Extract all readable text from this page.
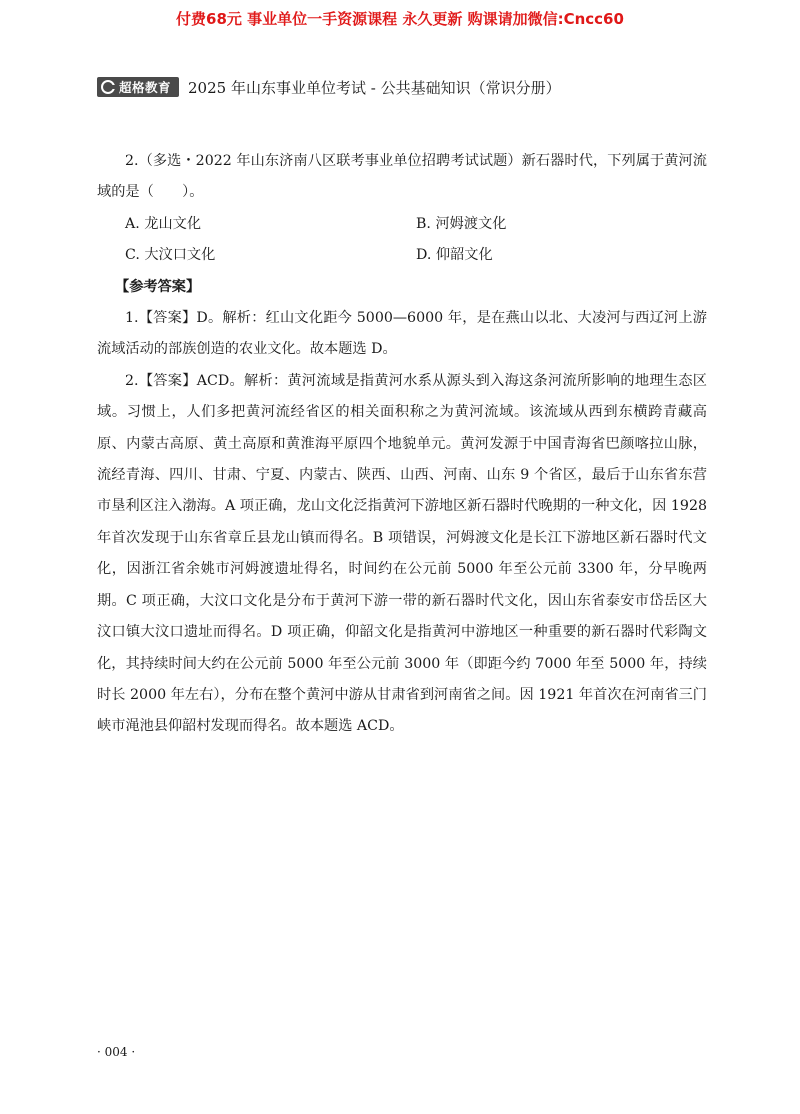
付费68元 事业单位一手资源课程 永久更新 购课请加微信:Cncc60
超格教育 2025 年山东事业单位考试 - 公共基础知识（常识分册）

2.（多选・2022 年山东济南八区联考事业单位招聘考试试题）新石器时代，下列属于黄河流域的是（　　）。

A. 龙山文化	B. 河姆渡文化
C. 大汶口文化	D. 仰韶文化
【参考答案】

1.【答案】D。解析：红山文化距今 5000—6000 年，是在燕山以北、大凌河与西辽河上游流域活动的部族创造的农业文化。故本题选 D。

2.【答案】ACD。解析：黄河流域是指黄河水系从源头到入海这条河流所影响的地理生态区域。习惯上，人们多把黄河流经省区的相关面积称之为黄河流域。该流域从西到东横跨青藏高原、内蒙古高原、黄土高原和黄淮海平原四个地貌单元。黄河发源于中国青海省巴颜喀拉山脉，流经青海、四川、甘肃、宁夏、内蒙古、陕西、山西、河南、山东 9 个省区，最后于山东省东营市垦利区注入渤海。A 项正确，龙山文化泛指黄河下游地区新石器时代晚期的一种文化，因 1928 年首次发现于山东省章丘县龙山镇而得名。B 项错误，河姆渡文化是长江下游地区新石器时代文化，因浙江省余姚市河姆渡遗址得名，时间约在公元前 5000 年至公元前 3300 年，分早晚两期。C 项正确，大汶口文化是分布于黄河下游一带的新石器时代文化，因山东省泰安市岱岳区大汶口镇大汶口遗址而得名。D 项正确，仰韶文化是指黄河中游地区一种重要的新石器时代彩陶文化，其持续时间大约在公元前 5000 年至公元前 3000 年（即距今约 7000 年至 5000 年，持续时长 2000 年左右），分布在整个黄河中游从甘肃省到河南省之间。因 1921 年首次在河南省三门峡市渑池县仰韶村发现而得名。故本题选 ACD。

· 004 ·
